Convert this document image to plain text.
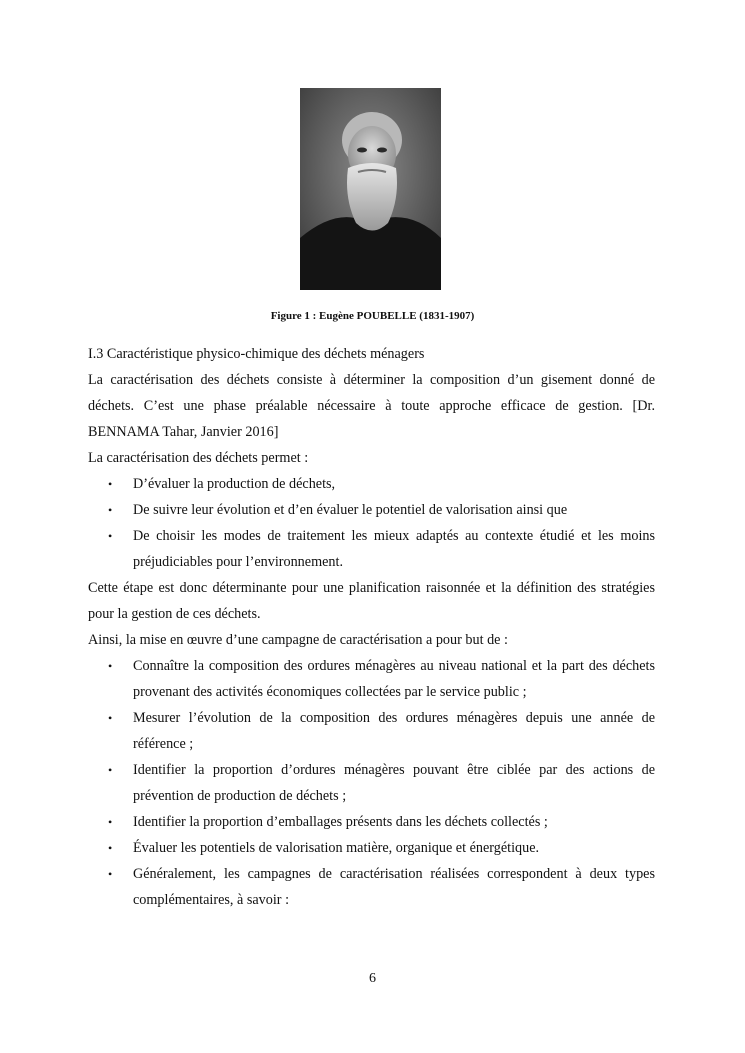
Figure 1 : Eugène POUBELLE (1831-1907)

I.3 Caractéristique physico-chimique des déchets ménagers

La caractérisation des déchets consiste à déterminer la composition d’un gisement donné de déchets. C’est une phase préalable nécessaire à toute approche efficace de gestion. [Dr. BENNAMA Tahar, Janvier 2016]

La caractérisation des déchets permet :

• D’évaluer la production de déchets,
• De suivre leur évolution et d’en évaluer le potentiel de valorisation ainsi que
• De choisir les modes de traitement les mieux adaptés au contexte étudié et les moins préjudiciables pour l’environnement.

Cette étape est donc déterminante pour une planification raisonnée et la définition des stratégies pour la gestion de ces déchets.

Ainsi, la mise en œuvre d’une campagne de caractérisation a pour but de :

• Connaître la composition des ordures ménagères au niveau national et la part des déchets provenant des activités économiques collectées par le service public ;
• Mesurer l’évolution de la composition des ordures ménagères depuis une année de référence ;
• Identifier la proportion d’ordures ménagères pouvant être ciblée par des actions de prévention de production de déchets ;
• Identifier la proportion d’emballages présents dans les déchets collectés ;
• Évaluer les potentiels de valorisation matière, organique et énergétique.
• Généralement, les campagnes de caractérisation réalisées correspondent à deux types complémentaires, à savoir :
6
